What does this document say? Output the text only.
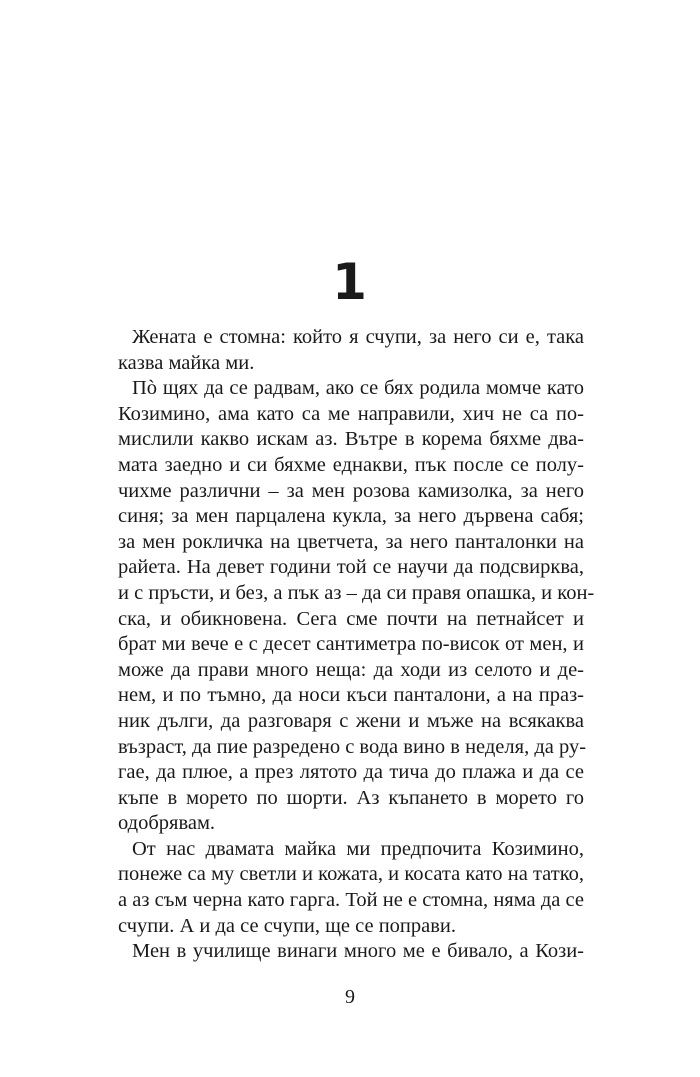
1
Жената е стомна: който я счупи, за него си е, така
казва майка ми.
Пò щях да се радвам, ако се бях родила момче като
Козимино, ама като са ме направили, хич не са по-
мислили какво искам аз. Вътре в корема бяхме два-
мата заедно и си бяхме еднакви, пък после се полу-
чихме различни – за мен розова камизолка, за него
синя; за мен парцалена кукла, за него дървена сабя;
за мен рокличка на цветчета, за него панталонки на
райета. На девет години той се научи да подсвирква,
и с пръсти, и без, а пък аз – да си правя опашка, и кон-
ска, и обикновена. Сега сме почти на петнайсет и
брат ми вече е с десет сантиметра по-висок от мен, и
може да прави много неща: да ходи из селото и де-
нем, и по тъмно, да носи къси панталони, а на праз-
ник дълги, да разговаря с жени и мъже на всякаква
възраст, да пие разредено с вода вино в неделя, да ру-
гае, да плюе, а през лятото да тича до плажа и да се
къпе в морето по шорти. Аз къпането в морето го
одобрявам.
От нас двамата майка ми предпочита Козимино,
понеже са му светли и кожата, и косата като на татко,
а аз съм черна като гарга. Той не е стомна, няма да се
счупи. А и да се счупи, ще се поправи.
Мен в училище винаги много ме е бивало, а Кози-
9
